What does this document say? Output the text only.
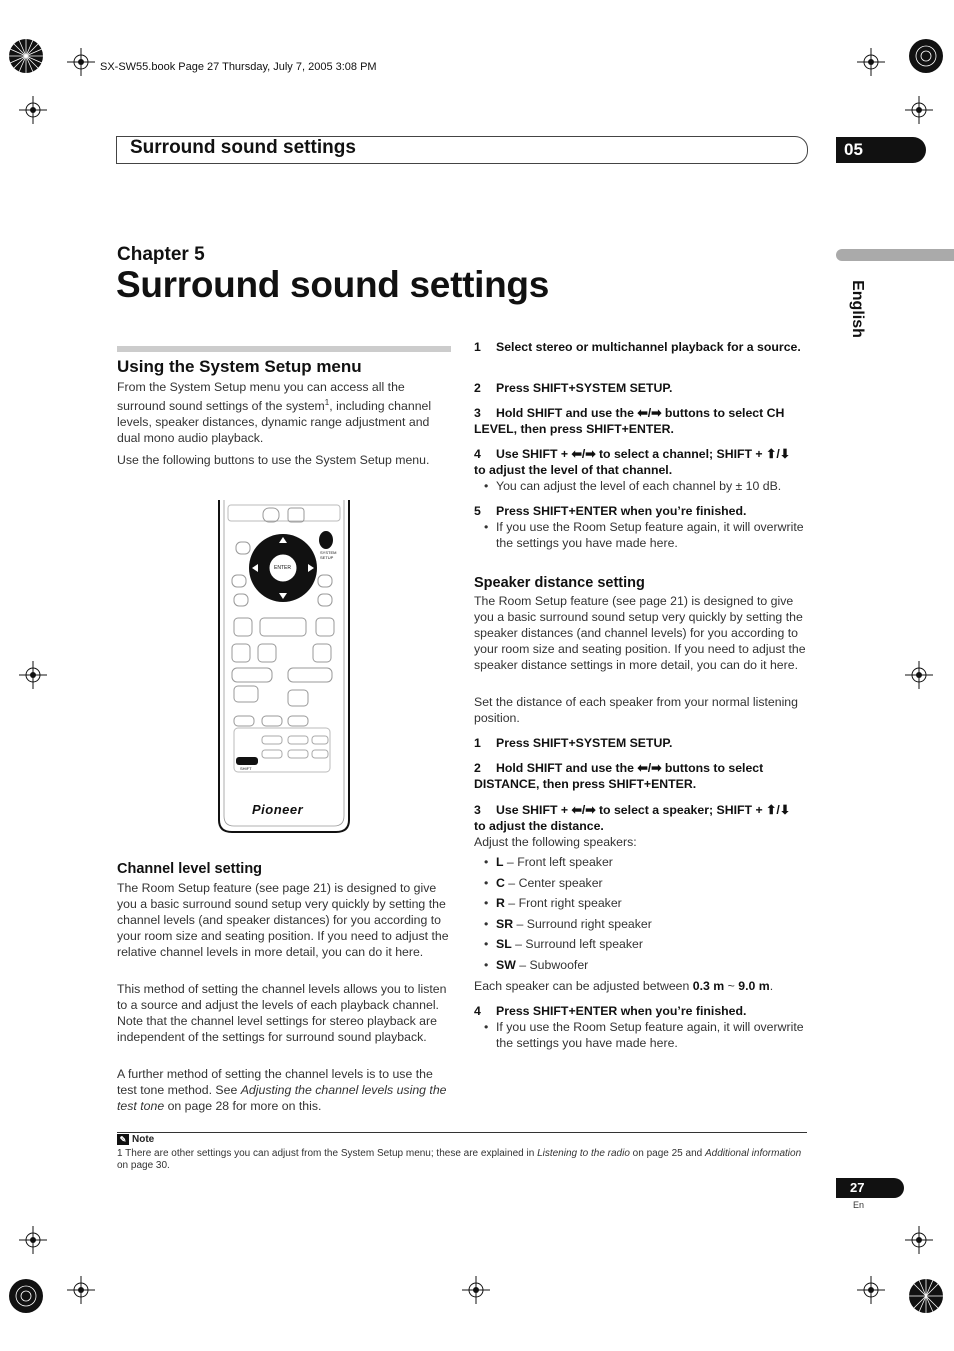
SX-SW55.book Page 27 Thursday, July 7, 2005 3:08 PM
Surround sound settings	05
English
Chapter 5
Surround sound settings
Using the System Setup menu

From the System Setup menu you can access all the surround sound settings of the system$^1$, including channel levels, speaker distances, dynamic range adjustment and dual mono audio playback.

Use the following buttons to use the System Setup menu.

ENTER
SYSTEM SETUP
SHIFT
Pioneer
Channel level setting

The Room Setup feature (see page 21) is designed to give you a basic surround sound setup very quickly by setting the channel levels (and speaker distances) for you according to your room size and seating position. If you need to adjust the relative channel levels in more detail, you can do it here.

This method of setting the channel levels allows you to listen to a source and adjust the levels of each playback channel. Note that the channel level settings for stereo playback are independent of the settings for surround sound playback.

A further method of setting the channel levels is to use the test tone method. See Adjusting the channel levels using the test tone on page 28 for more on this.

1 Select stereo or multichannel playback for a source.
2 Press SHIFT+SYSTEM SETUP.
3 Hold SHIFT and use the ⬅/➡ buttons to select CH LEVEL, then press SHIFT+ENTER.
4 Use SHIFT + ⬅/➡ to select a channel; SHIFT + ⬆/⬇ to adjust the level of that channel.
• You can adjust the level of each channel by ± 10 dB.
5 Press SHIFT+ENTER when you’re finished.
• If you use the Room Setup feature again, it will overwrite the settings you have made here.
Speaker distance setting

The Room Setup feature (see page 21) is designed to give you a basic surround sound setup very quickly by setting the speaker distances (and channel levels) for you according to your room size and seating position. If you need to adjust the speaker distance settings in more detail, you can do it here.

Set the distance of each speaker from your normal listening position.

1 Press SHIFT+SYSTEM SETUP.
2 Hold SHIFT and use the ⬅/➡ buttons to select DISTANCE, then press SHIFT+ENTER.
3 Use SHIFT + ⬅/➡ to select a speaker; SHIFT + ⬆/⬇ to adjust the distance.

Adjust the following speakers:

• L – Front left speaker
• C – Center speaker
• R – Front right speaker
• SR – Surround right speaker
• SL – Surround left speaker
• SW – Subwoofer

Each speaker can be adjusted between 0.3 m ~ 9.0 m.

4 Press SHIFT+ENTER when you’re finished.
• If you use the Room Setup feature again, it will overwrite the settings you have made here.
✎ Note
1 There are other settings you can adjust from the System Setup menu; these are explained in Listening to the radio on page 25 and Additional information on page 30.
27
En
